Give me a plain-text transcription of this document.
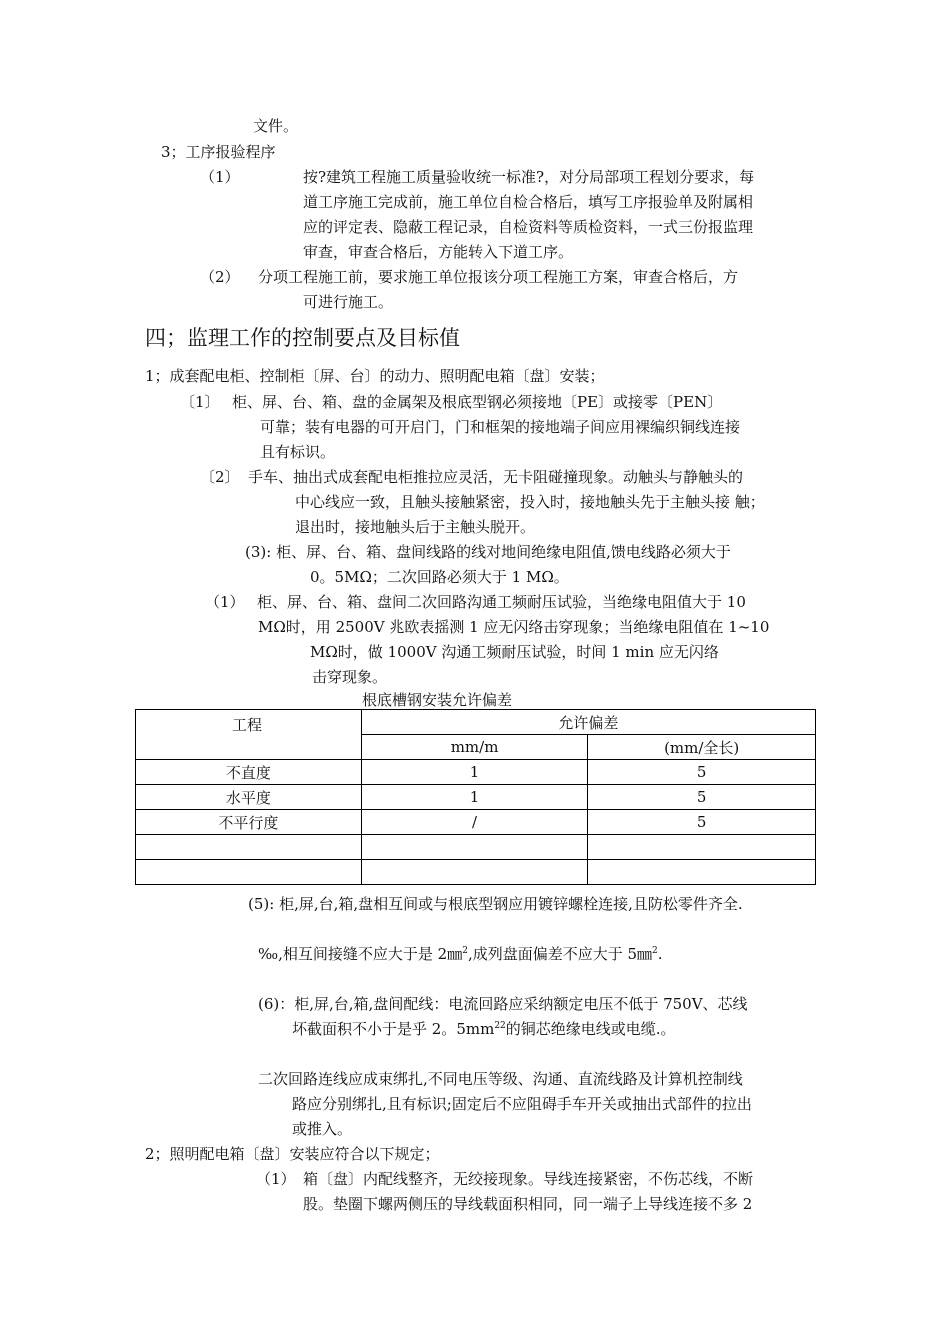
文件。
3；工序报验程序
（1）	按?建筑工程施工质量验收统一标准?，对分局部项工程划分要求，每
道工序施工完成前，施工单位自检合格后，填写工序报验单及附属相
应的评定表、隐蔽工程记录，自检资料等质检资料，一式三份报监理
审查，审查合格后，方能转入下道工序。
（2） 分项工程施工前，要求施工单位报该分项工程施工方案，审查合格后，方
可进行施工。
四；监理工作的控制要点及目标值
1；成套配电柜、控制柜〔屏、台〕的动力、照明配电箱〔盘〕安装；
〔1〕 柜、屏、台、箱、盘的金属架及根底型钢必须接地〔PE〕或接零〔PEN〕
可靠；装有电器的可开启门，门和框架的接地端子间应用裸编织铜线连接
且有标识。
〔2〕 手车、抽出式成套配电柜推拉应灵活，无卡阻碰撞现象。动触头与静触头的
中心线应一致，且触头接触紧密，投入时，接地触头先于主触头接 触；
退出时，接地触头后于主触头脱开。
(3): 柜、屏、台、箱、盘间线路的线对地间绝缘电阻值,馈电线路必须大于
0。5MΩ；二次回路必须大于 1 MΩ。
（1） 柜、屏、台、箱、盘间二次回路沟通工频耐压试验，当绝缘电阻值大于 10
MΩ时，用 2500V 兆欧表摇测 1 应无闪络击穿现象；当绝缘电阻值在 1~10
MΩ时，做 1000V 沟通工频耐压试验，时间 1 min 应无闪络
击穿现象。
根底槽钢安装允许偏差
工程	允许偏差	
	mm/m	(mm/全长)
不直度	1	5
水平度	1	5
不平行度	/	5

(5): 柜,屏,台,箱,盘相互间或与根底型钢应用镀锌螺栓连接,且防松零件齐全.
‰,相互间接缝不应大于是 2㎜$^2$,成列盘面偏差不应大于 5㎜$^2$.
(6)：柜,屏,台,箱,盘间配线：电流回路应采纳额定电压不低于 750V、芯线
坏截面积不小于是乎 2。$5mm^{22}$的铜芯绝缘电线或电缆.。
二次回路连线应成束绑扎,不同电压等级、沟通、直流线路及计算机控制线
路应分别绑扎,且有标识;固定后不应阻碍手车开关或抽出式部件的拉出
或推入。
2；照明配电箱〔盘〕安装应符合以下规定；
（1） 箱〔盘〕内配线整齐，无绞接现象。导线连接紧密，不伤芯线，不断
股。垫圈下螺两侧压的导线载面积相同，同一端子上导线连接不多 2
